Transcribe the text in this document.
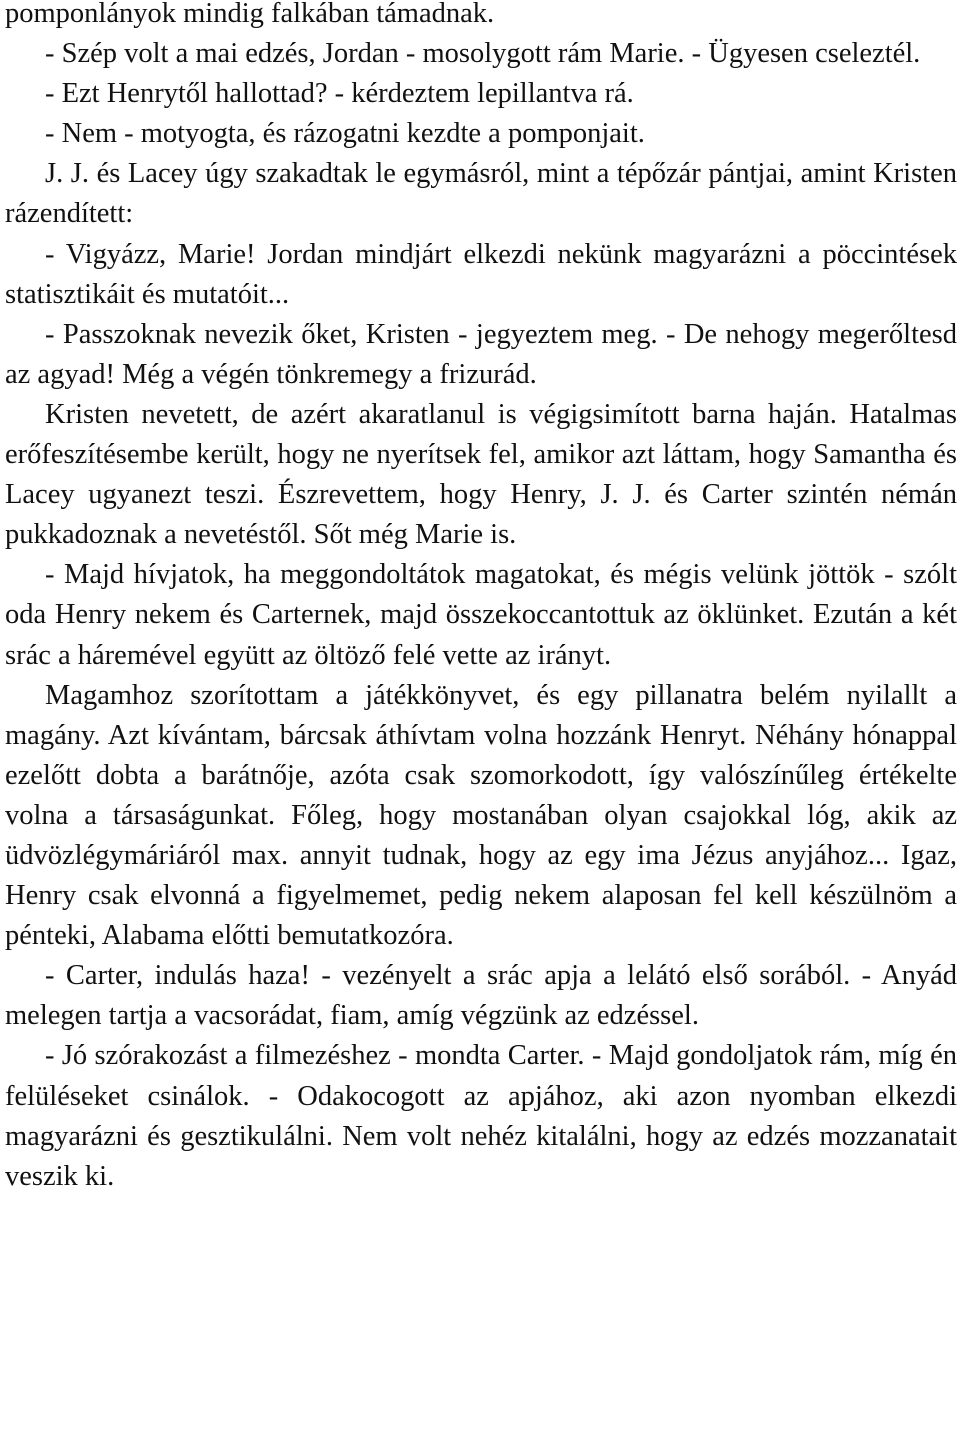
pomponlányok mindig falkában támadnak.

- Szép volt a mai edzés, Jordan - mosolygott rám Marie. - Ügyesen cseleztél.

- Ezt Henrytől hallottad? - kérdeztem lepillantva rá.

- Nem - motyogta, és rázogatni kezdte a pomponjait.

J. J. és Lacey úgy szakadtak le egymásról, mint a tépőzár pántjai, amint Kristen rázendített:

- Vigyázz, Marie! Jordan mindjárt elkezdi nekünk magyarázni a pöccintések statisztikáit és mutatóit...

- Passzoknak nevezik őket, Kristen - jegyeztem meg. - De nehogy megerőltesd az agyad! Még a végén tönkremegy a frizurád.

Kristen nevetett, de azért akaratlanul is végigsimított barna haján. Hatalmas erőfeszítésembe került, hogy ne nyerítsek fel, amikor azt láttam, hogy Samantha és Lacey ugyanezt teszi. Észrevettem, hogy Henry, J. J. és Carter szintén némán pukkadoznak a nevetéstől. Sőt még Marie is.

- Majd hívjatok, ha meggondoltátok magatokat, és mégis velünk jöttök - szólt oda Henry nekem és Carternek, majd összekoccantottuk az öklünket. Ezután a két srác a háremével együtt az öltöző felé vette az irányt.

Magamhoz szorítottam a játékkönyvet, és egy pillanatra belém nyilallt a magány. Azt kívántam, bárcsak áthívtam volna hozzánk Henryt. Néhány hónappal ezelőtt dobta a barátnője, azóta csak szomorkodott, így valószínűleg értékelte volna a társaságunkat. Főleg, hogy mostanában olyan csajokkal lóg, akik az üdvözlégymáriáról max. annyit tudnak, hogy az egy ima Jézus anyjához... Igaz, Henry csak elvonná a figyelmemet, pedig nekem alaposan fel kell készülnöm a pénteki, Alabama előtti bemutatkozóra.

- Carter, indulás haza! - vezényelt a srác apja a lelátó első sorából. - Anyád melegen tartja a vacsorádat, fiam, amíg végzünk az edzéssel.

- Jó szórakozást a filmezéshez - mondta Carter. - Majd gondoljatok rám, míg én felüléseket csinálok. - Odakocogott az apjához, aki azon nyomban elkezdi magyarázni és gesztikulálni. Nem volt nehéz kitalálni, hogy az edzés mozzanatait veszik ki.
